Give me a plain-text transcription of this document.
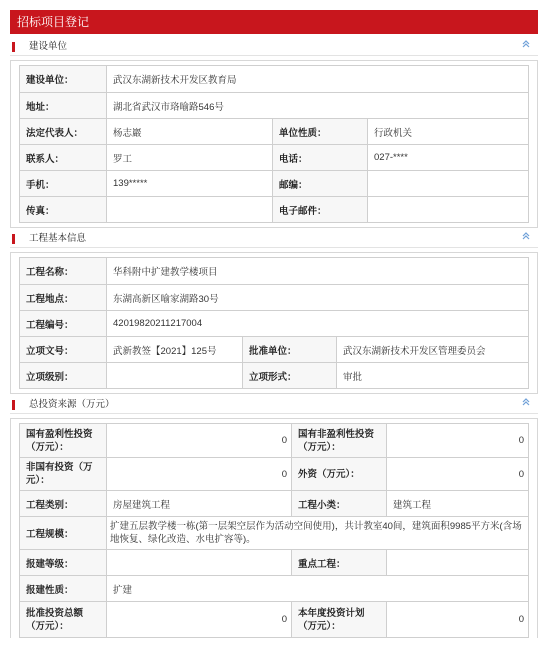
招标项目登记
建设单位
建设单位：	武汉东湖新技术开发区教育局		
地址：	湖北省武汉市珞喻路546号		
法定代表人：	杨志巖	单位性质：	行政机关
联系人：	罗工	电话：	027-****
手机：	139*****	邮编：	
传真：		电子邮件：	
工程基本信息
工程名称：	华科附中扩建教学楼项目		
工程地点：	东湖高新区喻家湖路30号		
工程编号：	42019820211217004		
立项文号：	武新教签【2021】125号	批准单位：	武汉东湖新技术开发区管理委员会
立项级别：		立项形式：	审批
总投资来源（万元）
国有盈利性投资（万元）：	0	国有非盈利性投资（万元）：	0
非国有投资（万元）：	0	外资（万元）：	0
工程类别：	房屋建筑工程	工程小类：	建筑工程
工程规模：	扩建五层教学楼一栋(第一层架空层作为活动空间使用)，共计教室40间，建筑面积9985平方米(含场地恢复、绿化改造、水电扩容等)。		
报建等级：		重点工程：	
报建性质：	扩建		
批准投资总额（万元）：	0	本年度投资计划（万元）：	0
